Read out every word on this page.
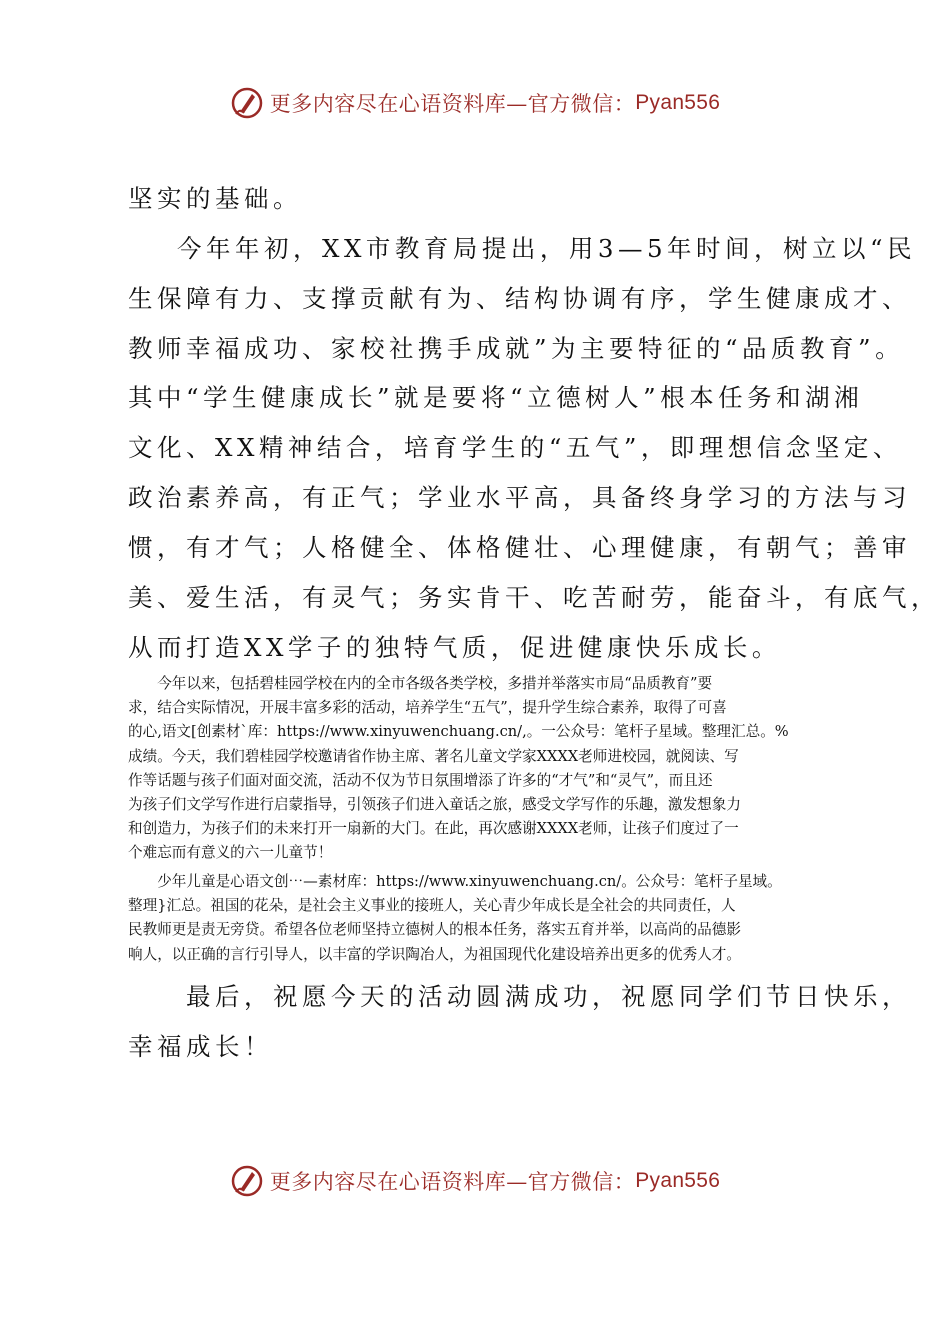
更多内容尽在心语资料库—官方微信： Pyan556
坚实的基础。
今年年初，XX市教育局提出，用3—5年时间，树立以“民
生保障有力、支撑贡献有为、结构协调有序，学生健康成才、
教师幸福成功、家校社携手成就”为主要特征的“品质教育”。
其中“学生健康成长”就是要将“立德树人”根本任务和湖湘
文化、XX精神结合，培育学生的“五气”，即理想信念坚定、
政治素养高，有正气；学业水平高，具备终身学习的方法与习
惯，有才气；人格健全、体格健壮、心理健康，有朝气；善审
美、爱生活，有灵气；务实肯干、吃苦耐劳，能奋斗，有底气，
从而打造XX学子的独特气质，促进健康快乐成长。
　　今年以来，包括碧桂园学校在内的全市各级各类学校，多措并举落实市局“品质教育”要
求，结合实际情况，开展丰富多彩的活动，培养学生“五气”，提升学生综合素养，取得了可喜
的心,语文[创素材`库：https://www.xinyuwenchuang.cn/,。一公众号：笔杆子星域。整理汇总。%
成绩。今天，我们碧桂园学校邀请省作协主席、著名儿童文学家XXXX老师进校园，就阅读、写
作等话题与孩子们面对面交流，活动不仅为节日氛围增添了许多的“才气”和“灵气”，而且还
为孩子们文学写作进行启蒙指导，引领孩子们进入童话之旅，感受文学写作的乐趣，激发想象力
和创造力，为孩子们的未来打开一扇新的大门。在此，再次感谢XXXX老师，让孩子们度过了一
个难忘而有意义的六一儿童节！
　　少年儿童是心语文创⋯—素材库：https://www.xinyuwenchuang.cn/。公众号：笔杆子星域。
整理}汇总。祖国的花朵，是社会主义事业的接班人，关心青少年成长是全社会的共同责任，人
民教师更是责无旁贷。希望各位老师坚持立德树人的根本任务，落实五育并举，以高尚的品德影
响人，以正确的言行引导人，以丰富的学识陶冶人，为祖国现代化建设培养出更多的优秀人才。
　　最后，祝愿今天的活动圆满成功，祝愿同学们节日快乐，
幸福成长！
更多内容尽在心语资料库—官方微信： Pyan556
